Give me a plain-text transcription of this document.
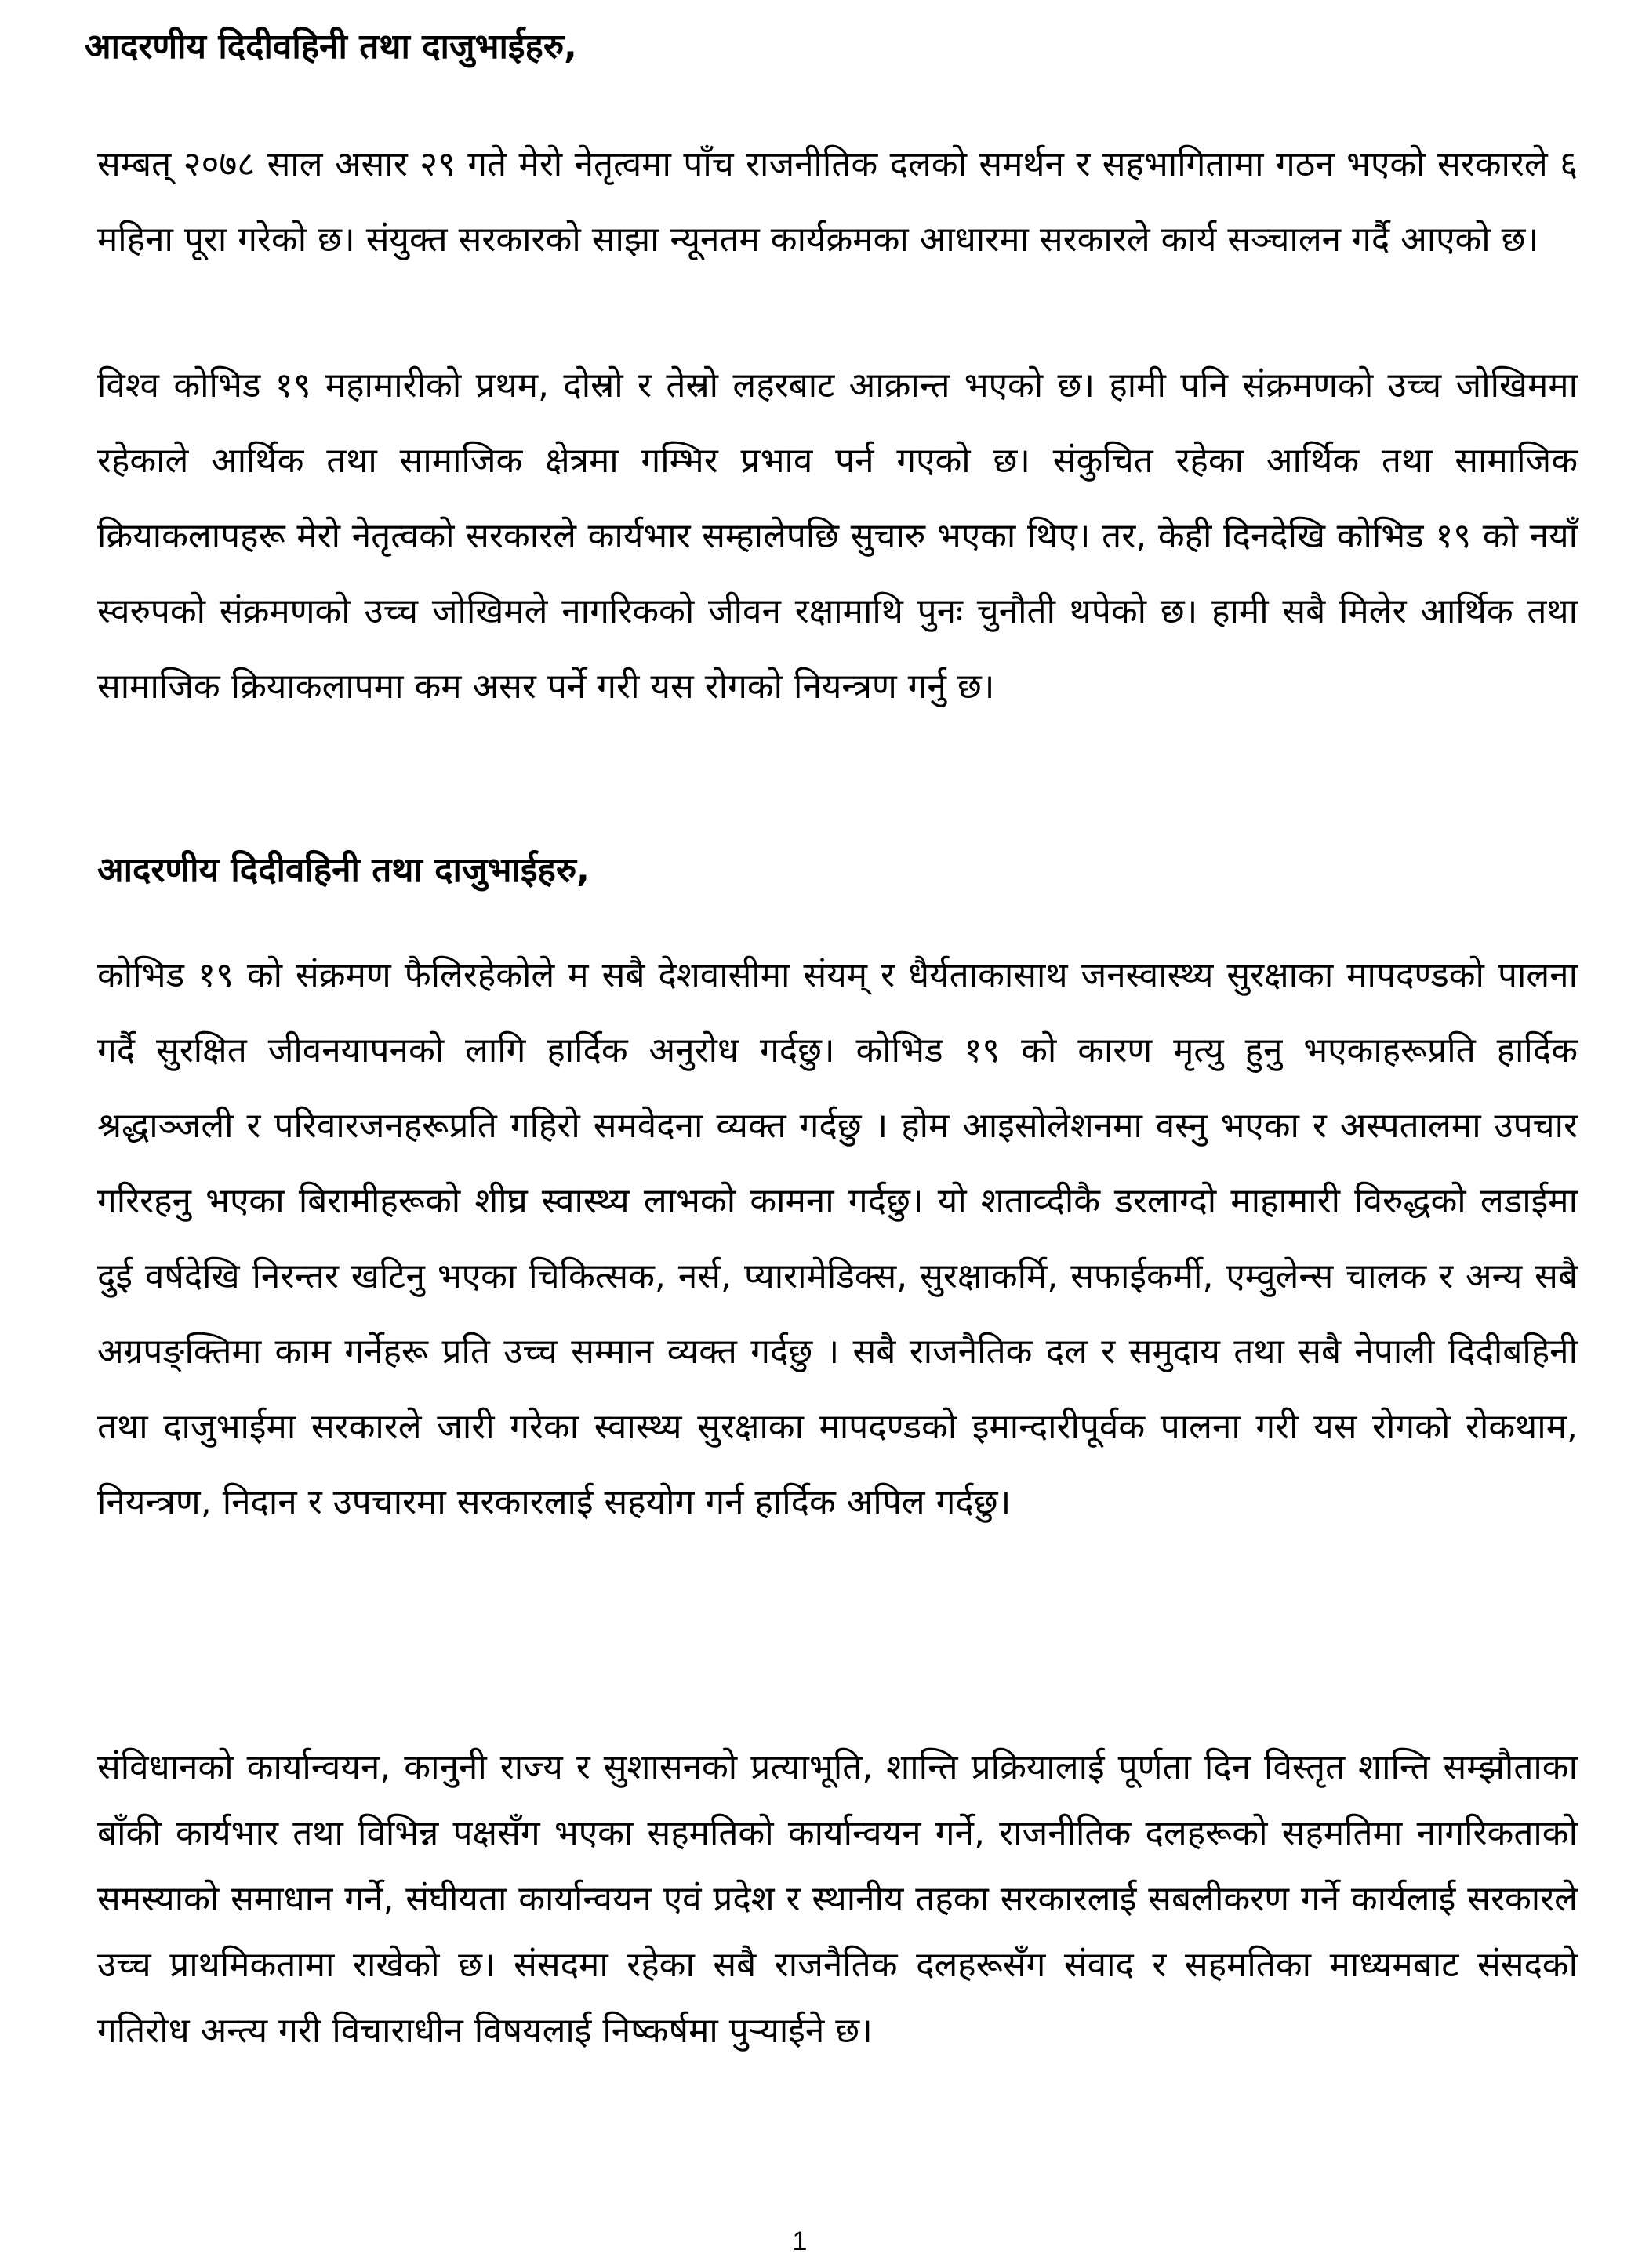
आदरणीय दिदीवहिनी तथा दाजुभाईहरु,

सम्बत् २०७८ साल असार २९ गते मेरो नेतृत्वमा पाँच राजनीतिक दलको समर्थन र सहभागितामा गठन भएको सरकारले ६ महिना पूरा गरेको छ। संयुक्त सरकारको साझा न्यूनतम कार्यक्रमका आधारमा सरकारले कार्य सञ्चालन गर्दै आएको छ।

विश्व कोभिड १९ महामारीको प्रथम, दोस्रो र तेस्रो लहरबाट आक्रान्त भएको छ। हामी पनि संक्रमणको उच्च जोखिममा रहेकाले आर्थिक तथा सामाजिक क्षेत्रमा गम्भिर प्रभाव पर्न गएको छ। संकुचित रहेका आर्थिक तथा सामाजिक क्रियाकलापहरू मेरो नेतृत्वको सरकारले कार्यभार सम्हालेपछि सुचारु भएका थिए। तर, केही दिनदेखि कोभिड १९ को नयाँ स्वरुपको संक्रमणको उच्च जोखिमले नागरिकको जीवन रक्षामाथि पुनः चुनौती थपेको छ। हामी सबै मिलेर आर्थिक तथा सामाजिक क्रियाकलापमा कम असर पर्ने गरी यस रोगको नियन्त्रण गर्नु छ।

आदरणीय दिदीवहिनी तथा दाजुभाईहरु,

कोभिड १९ को संक्रमण फैलिरहेकोले म सबै देशवासीमा संयम् र धैर्यताकासाथ जनस्वास्थ्य सुरक्षाका मापदण्डको पालना गर्दै सुरक्षित जीवनयापनको लागि हार्दिक अनुरोध गर्दछु। कोभिड १९ को कारण मृत्यु हुनु भएकाहरूप्रति हार्दिक श्रद्धाञ्जली र परिवारजनहरूप्रति गहिरो समवेदना व्यक्त गर्दछु । होम आइसोलेशनमा वस्नु भएका र अस्पतालमा उपचार गरिरहनु भएका बिरामीहरूको शीघ्र स्वास्थ्य लाभको कामना गर्दछु। यो शताव्दीकै डरलाग्दो माहामारी विरुद्धको लडाईमा दुई वर्षदेखि निरन्तर खटिनु भएका चिकित्सक, नर्स, प्यारामेडिक्स, सुरक्षाकर्मि, सफाईकर्मी, एम्वुलेन्स चालक र अन्य सबै अग्रपङ्क्तिमा काम गर्नेहरू प्रति उच्च सम्मान व्यक्त गर्दछु । सबै राजनैतिक दल र समुदाय तथा सबै नेपाली दिदीबहिनी तथा दाजुभाईमा सरकारले जारी गरेका स्वास्थ्य सुरक्षाका मापदण्डको इमान्दारीपूर्वक पालना गरी यस रोगको रोकथाम, नियन्त्रण, निदान र उपचारमा सरकारलाई सहयोग गर्न हार्दिक अपिल गर्दछु।

संविधानको कार्यान्वयन, कानुनी राज्य र सुशासनको प्रत्याभूति, शान्ति प्रक्रियालाई पूर्णता दिन विस्तृत शान्ति सम्झौताका बाँकी कार्यभार तथा विभिन्न पक्षसँग भएका सहमतिको कार्यान्वयन गर्ने, राजनीतिक दलहरूको सहमतिमा नागरिकताको समस्याको समाधान गर्ने, संघीयता कार्यान्वयन एवं प्रदेश र स्थानीय तहका सरकारलाई सबलीकरण गर्ने कार्यलाई सरकारले उच्च प्राथमिकतामा राखेको छ। संसदमा रहेका सबै राजनैतिक दलहरूसँग संवाद र सहमतिका माध्यमबाट संसदको गतिरोध अन्त्य गरी विचाराधीन विषयलाई निष्कर्षमा पुर्‍याईने छ।

1
